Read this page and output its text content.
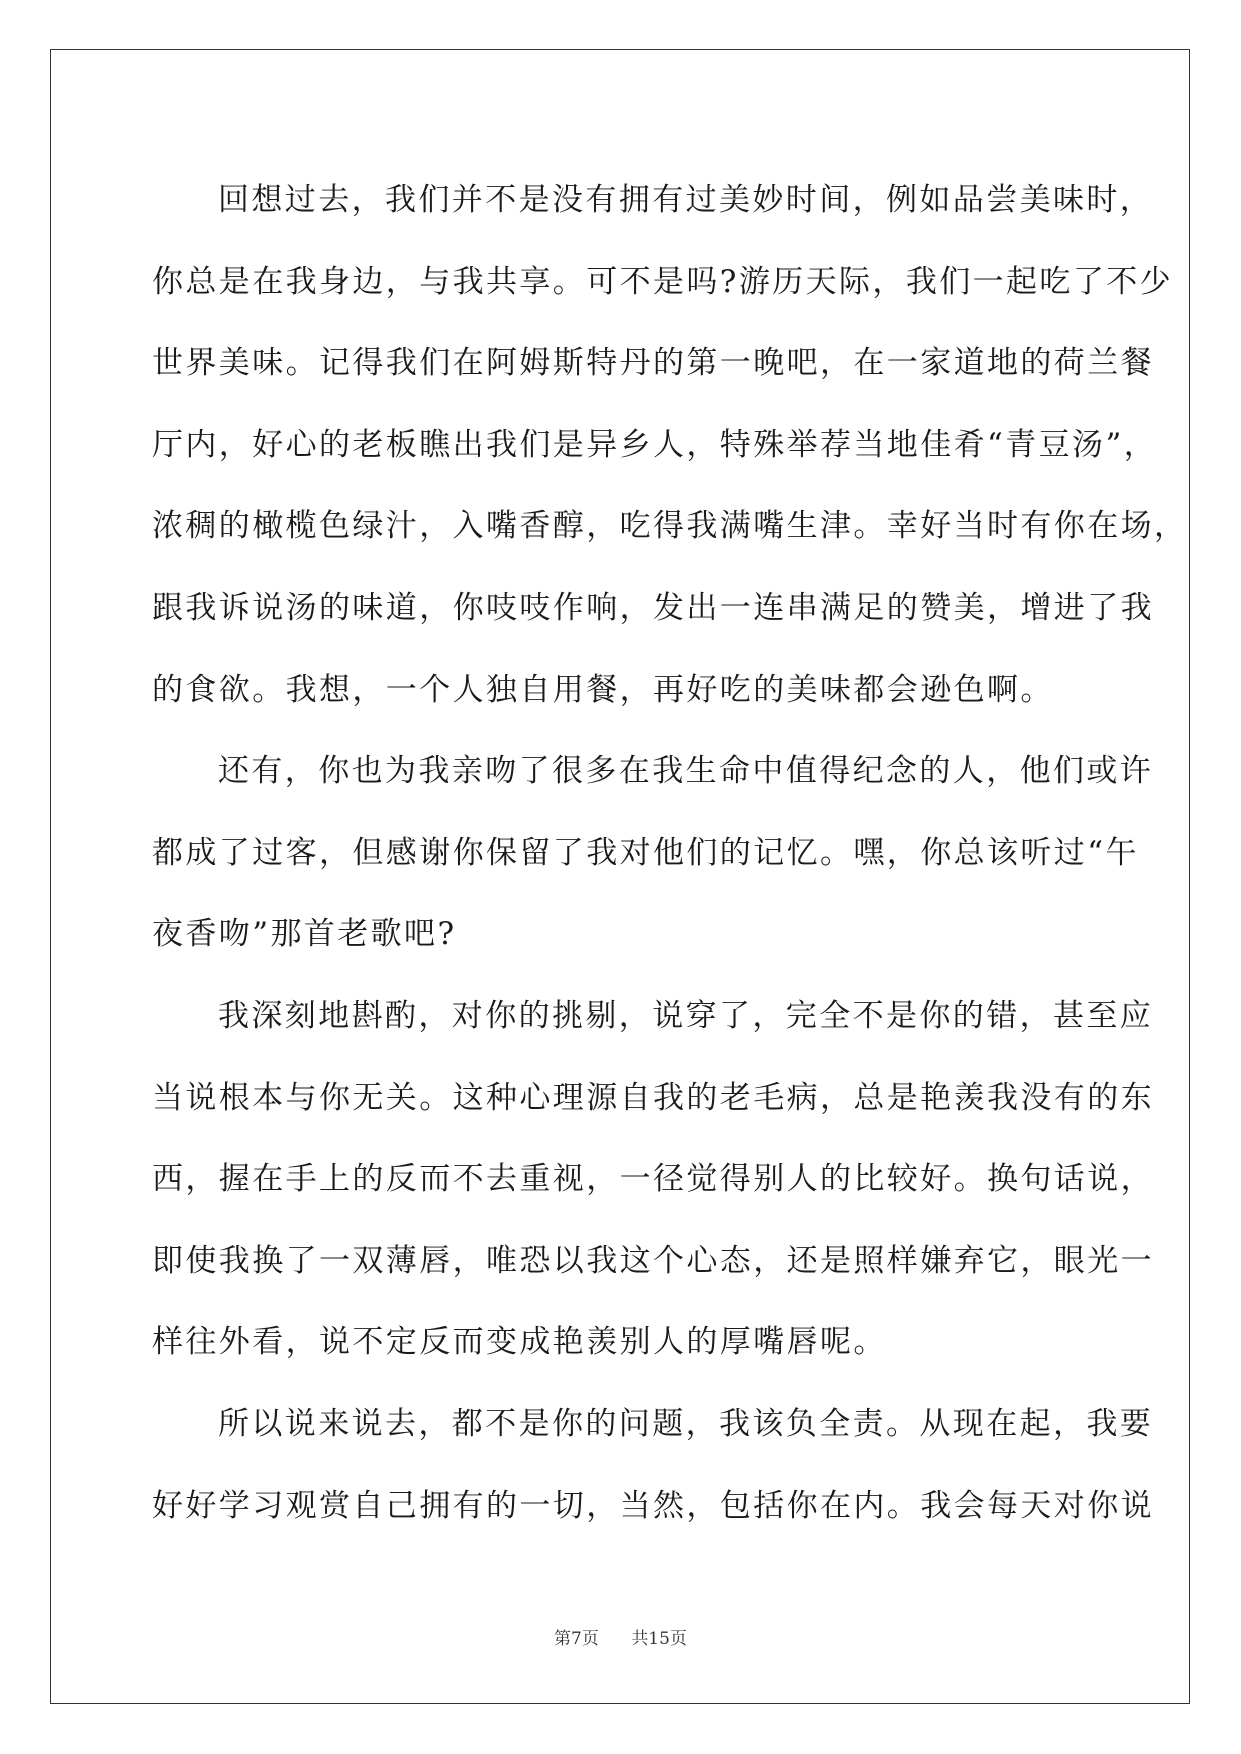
回想过去，我们并不是没有拥有过美妙时间，例如品尝美味时，
你总是在我身边，与我共享。可不是吗?游历天际，我们一起吃了不少
世界美味。记得我们在阿姆斯特丹的第一晚吧，在一家道地的荷兰餐
厅内，好心的老板瞧出我们是异乡人，特殊举荐当地佳肴“青豆汤”，
浓稠的橄榄色绿汁，入嘴香醇，吃得我满嘴生津。幸好当时有你在场，
跟我诉说汤的味道，你吱吱作响，发出一连串满足的赞美，增进了我
的食欲。我想，一个人独自用餐，再好吃的美味都会逊色啊。
还有，你也为我亲吻了很多在我生命中值得纪念的人，他们或许
都成了过客，但感谢你保留了我对他们的记忆。嘿，你总该听过“午
夜香吻”那首老歌吧?
我深刻地斟酌，对你的挑剔，说穿了，完全不是你的错，甚至应
当说根本与你无关。这种心理源自我的老毛病，总是艳羡我没有的东
西，握在手上的反而不去重视，一径觉得别人的比较好。换句话说，
即使我换了一双薄唇，唯恐以我这个心态，还是照样嫌弃它，眼光一
样往外看，说不定反而变成艳羡别人的厚嘴唇呢。
所以说来说去，都不是你的问题，我该负全责。从现在起，我要
好好学习观赏自己拥有的一切，当然，包括你在内。我会每天对你说
第7页 共15页
